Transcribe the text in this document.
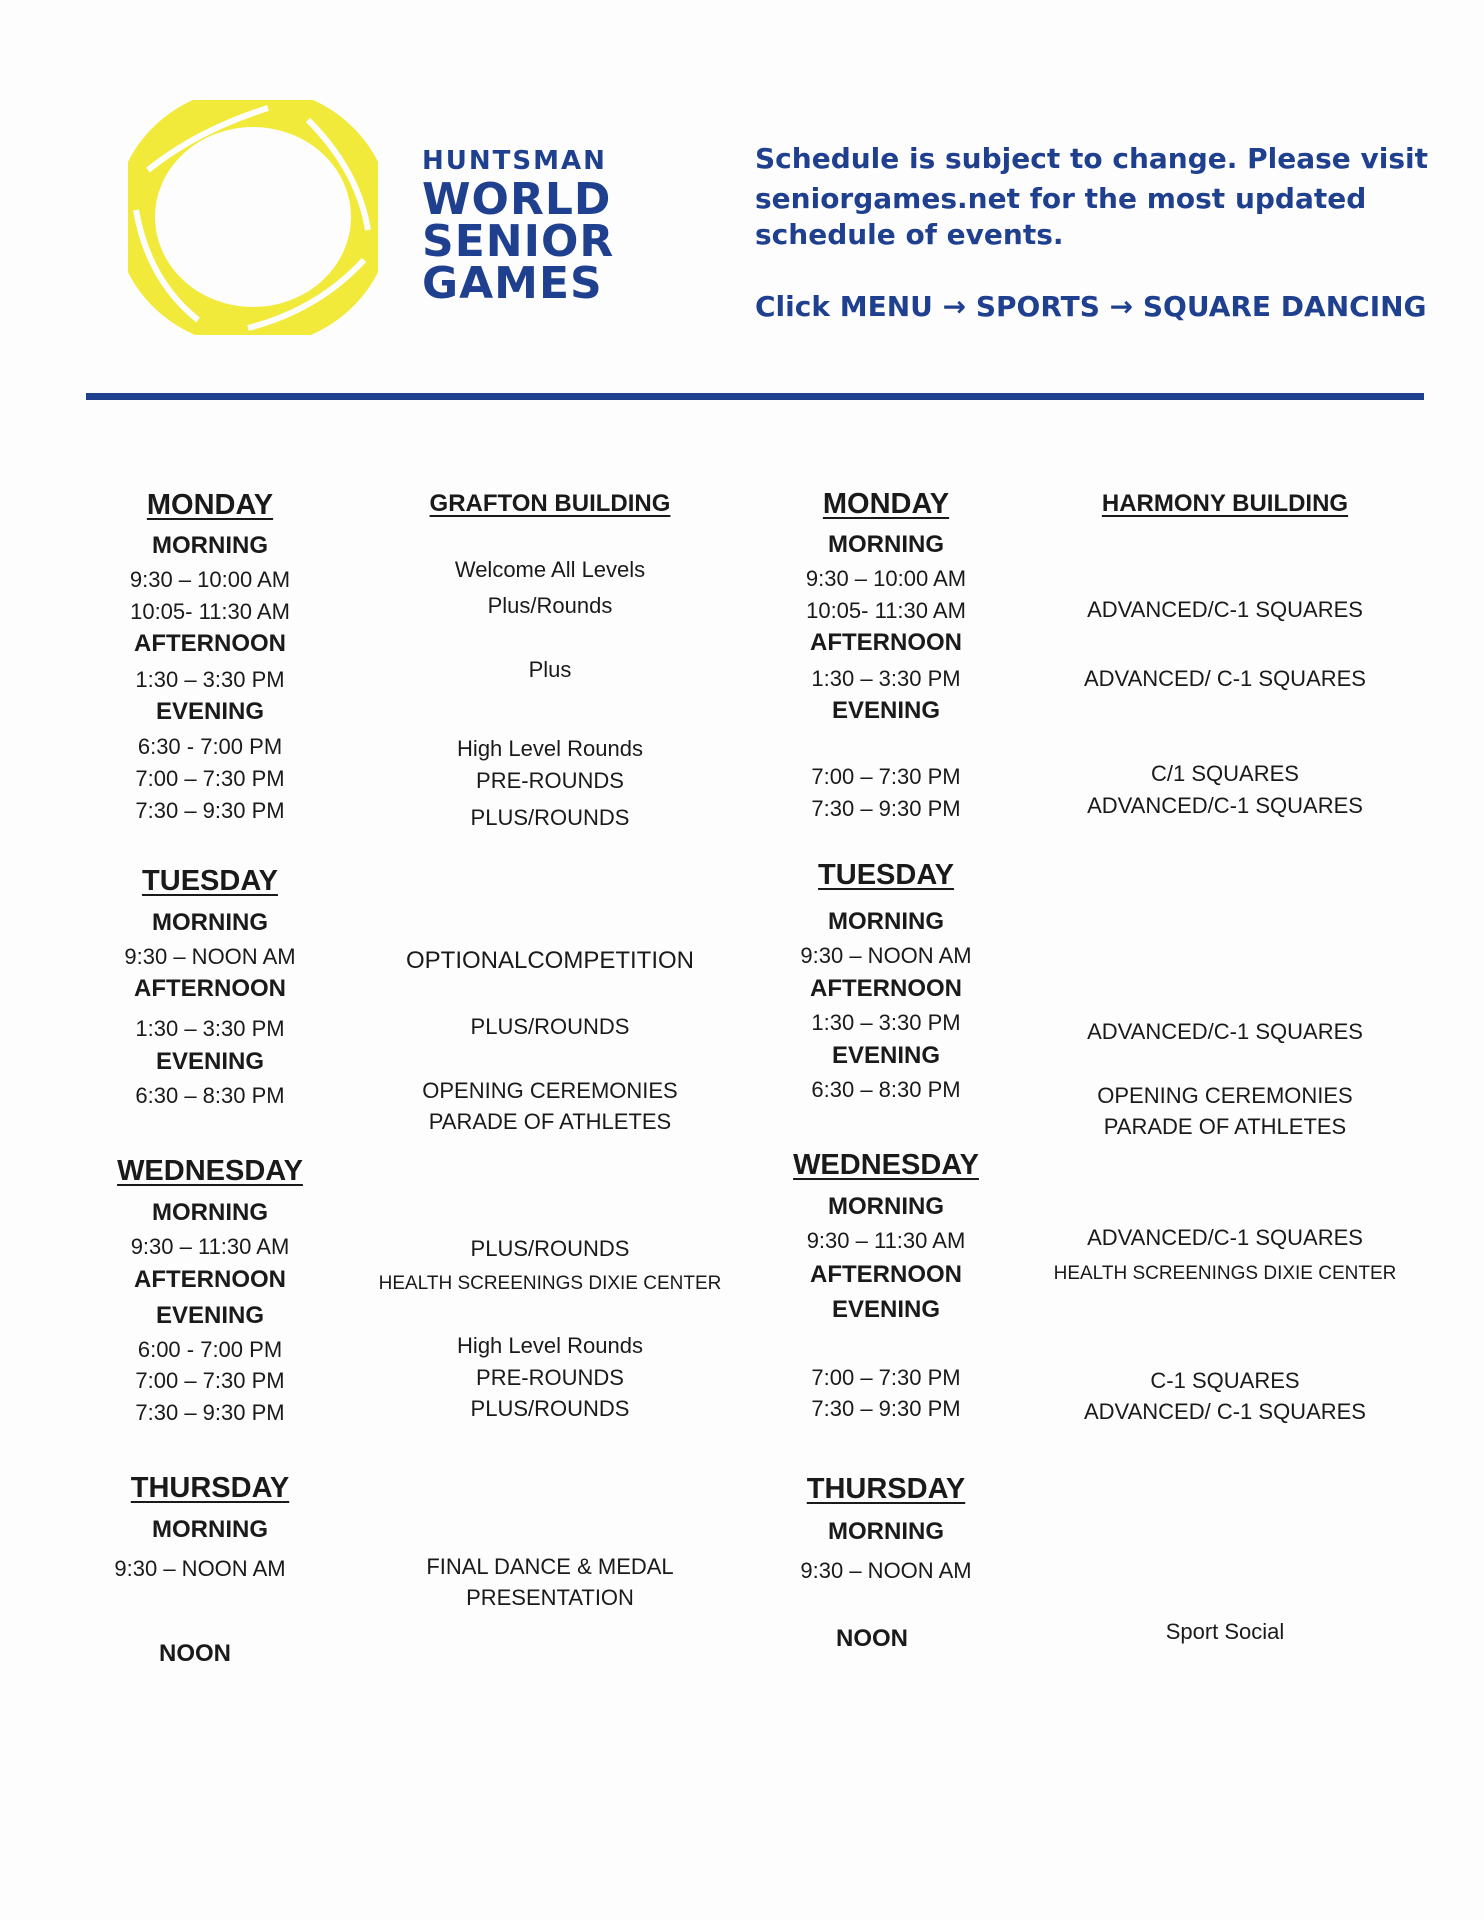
HUNTSMAN
WORLD
SENIOR
GAMES
Schedule is subject to change. Please visit
seniorgames.net for the most updated
schedule of events.
Click MENU → SPORTS → SQUARE DANCING
MONDAY
MORNING
9:30 – 10:00 AM
10:05- 11:30 AM
AFTERNOON
1:30 – 3:30 PM
EVENING
6:30 - 7:00 PM
7:00 – 7:30 PM
7:30 – 9:30 PM
TUESDAY
MORNING
9:30 – NOON AM
AFTERNOON
1:30 – 3:30 PM
EVENING
6:30 – 8:30 PM
WEDNESDAY
MORNING
9:30 – 11:30 AM
AFTERNOON
EVENING
6:00 - 7:00 PM
7:00 – 7:30 PM
7:30 – 9:30 PM
THURSDAY
MORNING
9:30 – NOON AM
NOON
GRAFTON BUILDING
Welcome All Levels
Plus/Rounds
Plus
High Level Rounds
PRE-ROUNDS
PLUS/ROUNDS
OPTIONALCOMPETITION
PLUS/ROUNDS
OPENING CEREMONIES
PARADE OF ATHLETES
PLUS/ROUNDS
HEALTH SCREENINGS DIXIE CENTER
High Level Rounds
PRE-ROUNDS
PLUS/ROUNDS
FINAL DANCE & MEDAL
PRESENTATION
MONDAY
MORNING
9:30 – 10:00 AM
10:05- 11:30 AM
AFTERNOON
1:30 – 3:30 PM
EVENING
7:00 – 7:30 PM
7:30 – 9:30 PM
TUESDAY
MORNING
9:30 – NOON AM
AFTERNOON
1:30 – 3:30 PM
EVENING
6:30 – 8:30 PM
WEDNESDAY
MORNING
9:30 – 11:30 AM
AFTERNOON
EVENING
7:00 – 7:30 PM
7:30 – 9:30 PM
THURSDAY
MORNING
9:30 – NOON AM
NOON
HARMONY BUILDING
ADVANCED/C-1 SQUARES
ADVANCED/ C-1 SQUARES
C/1 SQUARES
ADVANCED/C-1 SQUARES
ADVANCED/C-1 SQUARES
OPENING CEREMONIES
PARADE OF ATHLETES
ADVANCED/C-1 SQUARES
HEALTH SCREENINGS DIXIE CENTER
C-1 SQUARES
ADVANCED/ C-1 SQUARES
Sport Social
